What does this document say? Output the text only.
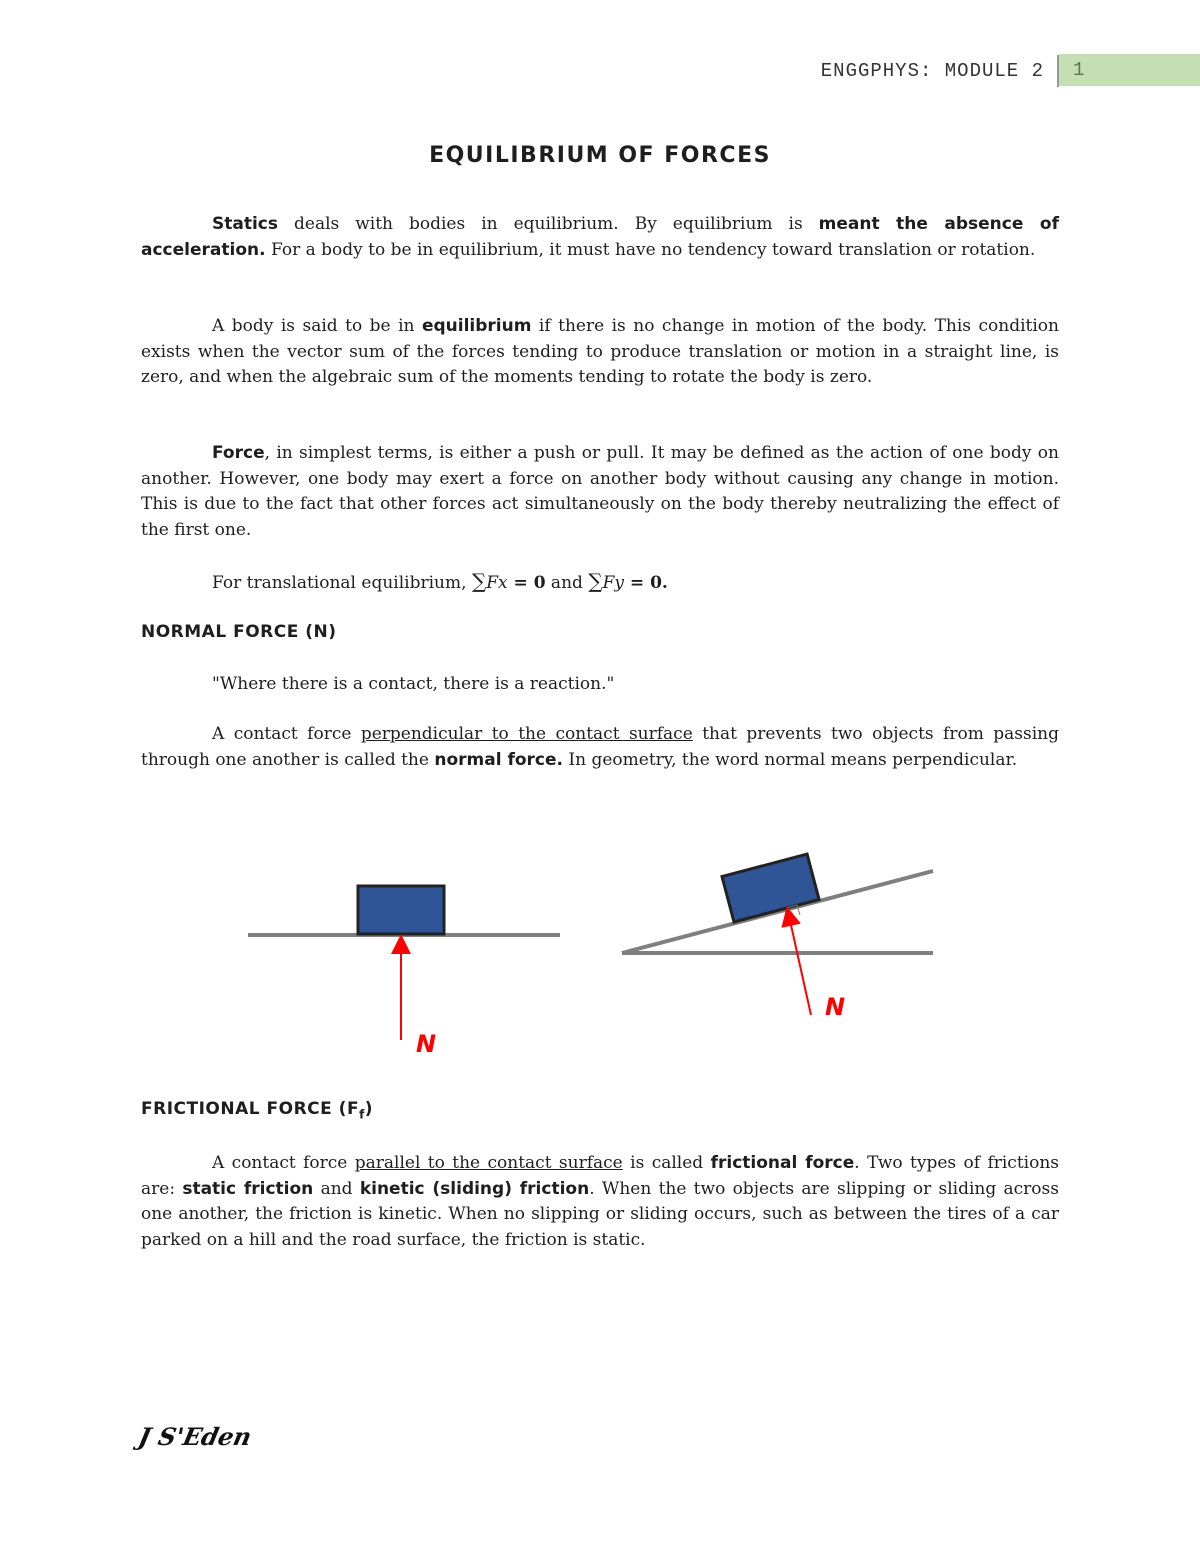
ENGGPHYS: MODULE 2	1
EQUILIBRIUM OF FORCES

Statics deals with bodies in equilibrium. By equilibrium is meant the absence of acceleration. For a body to be in equilibrium, it must have no tendency toward translation or rotation.

A body is said to be in equilibrium if there is no change in motion of the body. This condition exists when the vector sum of the forces tending to produce translation or motion in a straight line, is zero, and when the algebraic sum of the moments tending to rotate the body is zero.

Force, in simplest terms, is either a push or pull. It may be defined as the action of one body on another. However, one body may exert a force on another body without causing any change in motion. This is due to the fact that other forces act simultaneously on the body thereby neutralizing the effect of the first one.

For translational equilibrium, ∑Fx = 0 and ∑Fy = 0.

NORMAL FORCE (N)

"Where there is a contact, there is a reaction."

A contact force perpendicular to the contact surface that prevents two objects from passing through one another is called the normal force. In geometry, the word normal means perpendicular.

N
N

FRICTIONAL FORCE $(F_f)$

A contact force parallel to the contact surface is called frictional force. Two types of frictions are: static friction and kinetic (sliding) friction. When the two objects are slipping or sliding across one another, the friction is kinetic. When no slipping or sliding occurs, such as between the tires of a car parked on a hill and the road surface, the friction is static.

J S'Eden
